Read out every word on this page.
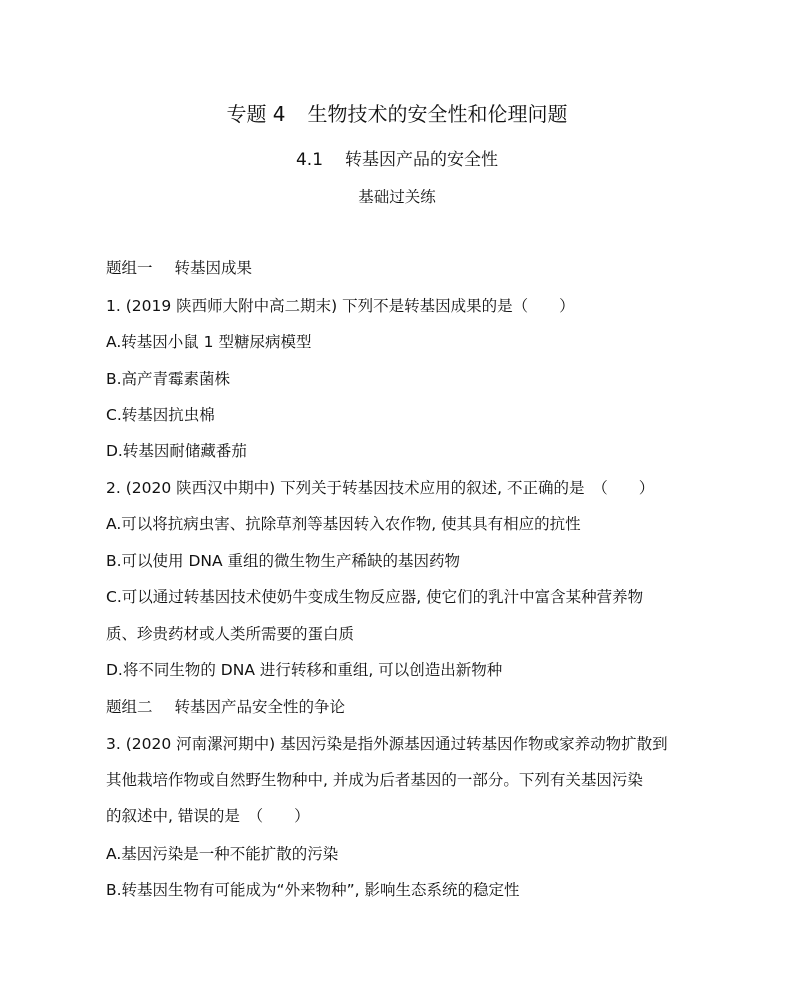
专题 4 生物技术的安全性和伦理问题
4.1 转基因产品的安全性
基础过关练
题组一 转基因成果
1. (2019 陕西师大附中高二期末) 下列不是转基因成果的是（　　）
A.转基因小鼠 1 型糖尿病模型
B.高产青霉素菌株
C.转基因抗虫棉
D.转基因耐储藏番茄
2. (2020 陕西汉中期中) 下列关于转基因技术应用的叙述, 不正确的是　（　　）
A.可以将抗病虫害、抗除草剂等基因转入农作物, 使其具有相应的抗性
B.可以使用 DNA 重组的微生物生产稀缺的基因药物
C.可以通过转基因技术使奶牛变成生物反应器, 使它们的乳汁中富含某种营养物
质、珍贵药材或人类所需要的蛋白质
D.将不同生物的 DNA 进行转移和重组, 可以创造出新物种
题组二 转基因产品安全性的争论
3. (2020 河南漯河期中) 基因污染是指外源基因通过转基因作物或家养动物扩散到
其他栽培作物或自然野生物种中, 并成为后者基因的一部分。下列有关基因污染
的叙述中, 错误的是　（　　）
A.基因污染是一种不能扩散的污染
B.转基因生物有可能成为“外来物种”, 影响生态系统的稳定性
